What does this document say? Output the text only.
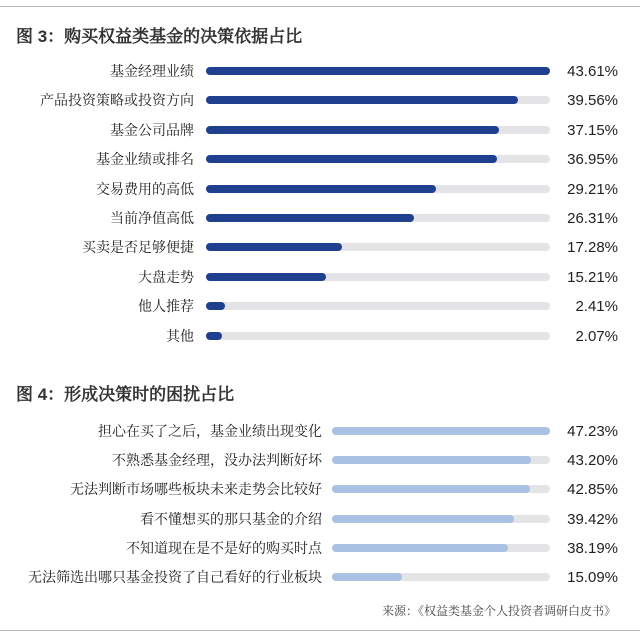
图 3：购买权益类基金的决策依据占比
基金经理业绩	43.61%
产品投资策略或投资方向	39.56%
基金公司品牌	37.15%
基金业绩或排名	36.95%
交易费用的高低	29.21%
当前净值高低	26.31%
买卖是否足够便捷	17.28%
大盘走势	15.21%
他人推荐	2.41%
其他	2.07%
图 4：形成决策时的困扰占比
担心在买了之后，基金业绩出现变化	47.23%
不熟悉基金经理，没办法判断好坏	43.20%
无法判断市场哪些板块未来走势会比较好	42.85%
看不懂想买的那只基金的介绍	39.42%
不知道现在是不是好的购买时点	38.19%
无法筛选出哪只基金投资了自己看好的行业板块	15.09%
来源：《权益类基金个人投资者调研白皮书》
